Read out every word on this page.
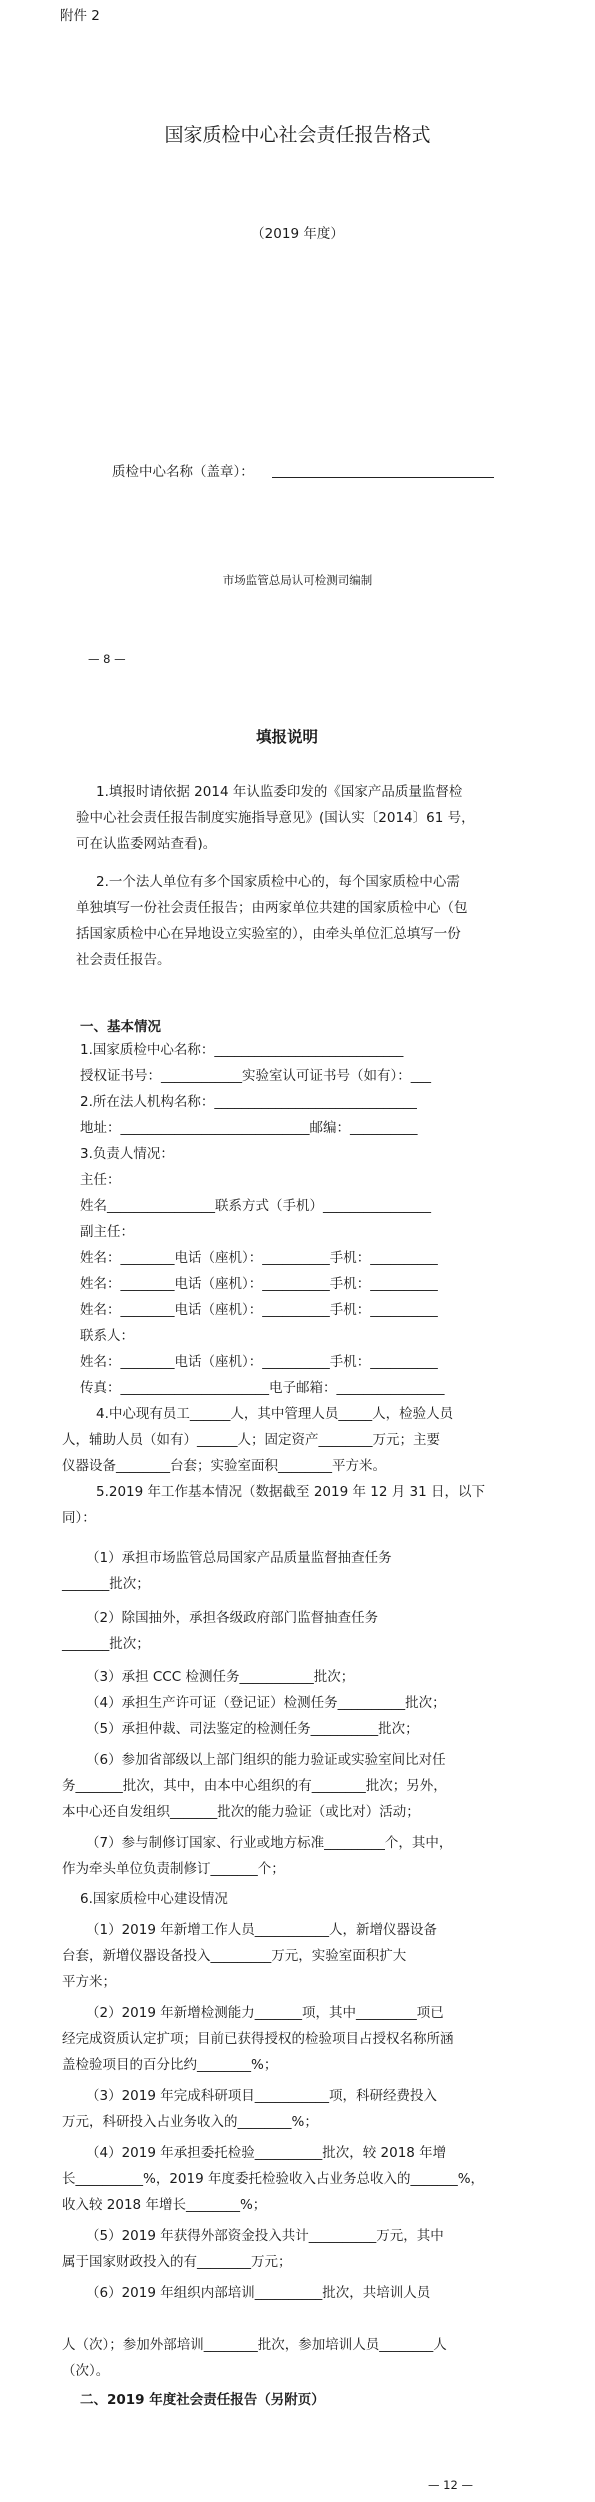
附件 2
国家质检中心社会责任报告格式
（2019 年度）
质检中心名称（盖章）：
市场监管总局认可检测司编制
— 8 —
填报说明
1.填报时请依据 2014 年认监委印发的《国家产品质量监督检
验中心社会责任报告制度实施指导意见》(国认实〔2014〕61 号，
可在认监委网站查看)。
2.一个法人单位有多个国家质检中心的，每个国家质检中心需
单独填写一份社会责任报告；由两家单位共建的国家质检中心（包
括国家质检中心在异地设立实验室的），由牵头单位汇总填写一份
社会责任报告。
一、基本情况
1.国家质检中心名称：____________________________
授权证书号：____________实验室认可证书号（如有）：___
2.所在法人机构名称：______________________________
地址：____________________________邮编：__________
3.负责人情况：
主任：
姓名________________联系方式（手机）________________
副主任：
姓名：________电话（座机）：__________手机：__________
姓名：________电话（座机）：__________手机：__________
姓名：________电话（座机）：__________手机：__________
联系人：
姓名：________电话（座机）：__________手机：__________
传真：______________________电子邮箱：________________
4.中心现有员工______人，其中管理人员_____人，检验人员
人，辅助人员（如有）______人；固定资产________万元；主要
仪器设备________台套；实验室面积________平方米。
5.2019 年工作基本情况（数据截至 2019 年 12 月 31 日，以下
同）：
（1）承担市场监管总局国家产品质量监督抽查任务
_______批次；
（2）除国抽外，承担各级政府部门监督抽查任务
_______批次；
（3）承担 CCC 检测任务___________批次；
（4）承担生产许可证（登记证）检测任务__________批次；
（5）承担仲裁、司法鉴定的检测任务__________批次；
（6）参加省部级以上部门组织的能力验证或实验室间比对任
务_______批次，其中，由本中心组织的有________批次；另外，
本中心还自发组织_______批次的能力验证（或比对）活动；
（7）参与制修订国家、行业或地方标准_________个，其中，
作为牵头单位负责制修订_______个；
6.国家质检中心建设情况
（1）2019 年新增工作人员___________人，新增仪器设备
台套，新增仪器设备投入_________万元，实验室面积扩大
平方米；
（2）2019 年新增检测能力_______项，其中_________项已
经完成资质认定扩项；目前已获得授权的检验项目占授权名称所涵
盖检验项目的百分比约________%；
（3）2019 年完成科研项目___________项，科研经费投入
万元，科研投入占业务收入的________%；
（4）2019 年承担委托检验__________批次，较 2018 年增
长__________%，2019 年度委托检验收入占业务总收入的_______%，
收入较 2018 年增长________%；
（5）2019 年获得外部资金投入共计__________万元，其中
属于国家财政投入的有________万元；
（6）2019 年组织内部培训__________批次，共培训人员
人（次）；参加外部培训________批次，参加培训人员________人
（次）。
二、2019 年度社会责任报告（另附页）
— 12 —
